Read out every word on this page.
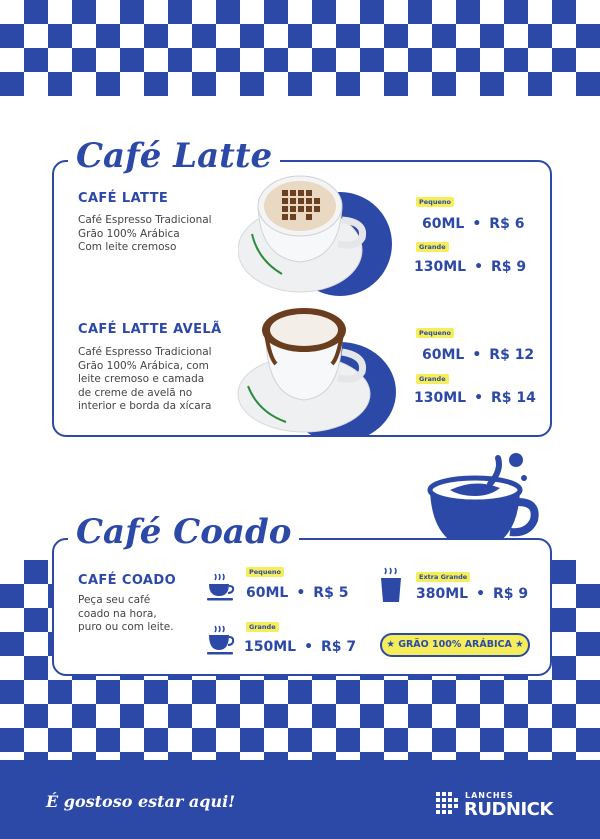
Café Latte
CAFÉ LATTE
Café Espresso Tradicional
Grão 100% Arábica
Com leite cremoso
Pequeno
60ML • R$ 6
Grande
130ML • R$ 9
CAFÉ LATTE AVELÃ
Café Espresso Tradicional
Grão 100% Arábica, com
leite cremoso e camada
de creme de avelã no
interior e borda da xícara
Pequeno
60ML • R$ 12
Grande
130ML • R$ 14
Café Coado
CAFÉ COADO
Peça seu café
coado na hora,
puro ou com leite.
Pequeno
60ML • R$ 5
Grande
150ML • R$ 7
Extra Grande
380ML • R$ 9
★ GRÃO 100% ARÁBICA ★
É gostoso estar aqui!	LANCHES
RUDNICK
